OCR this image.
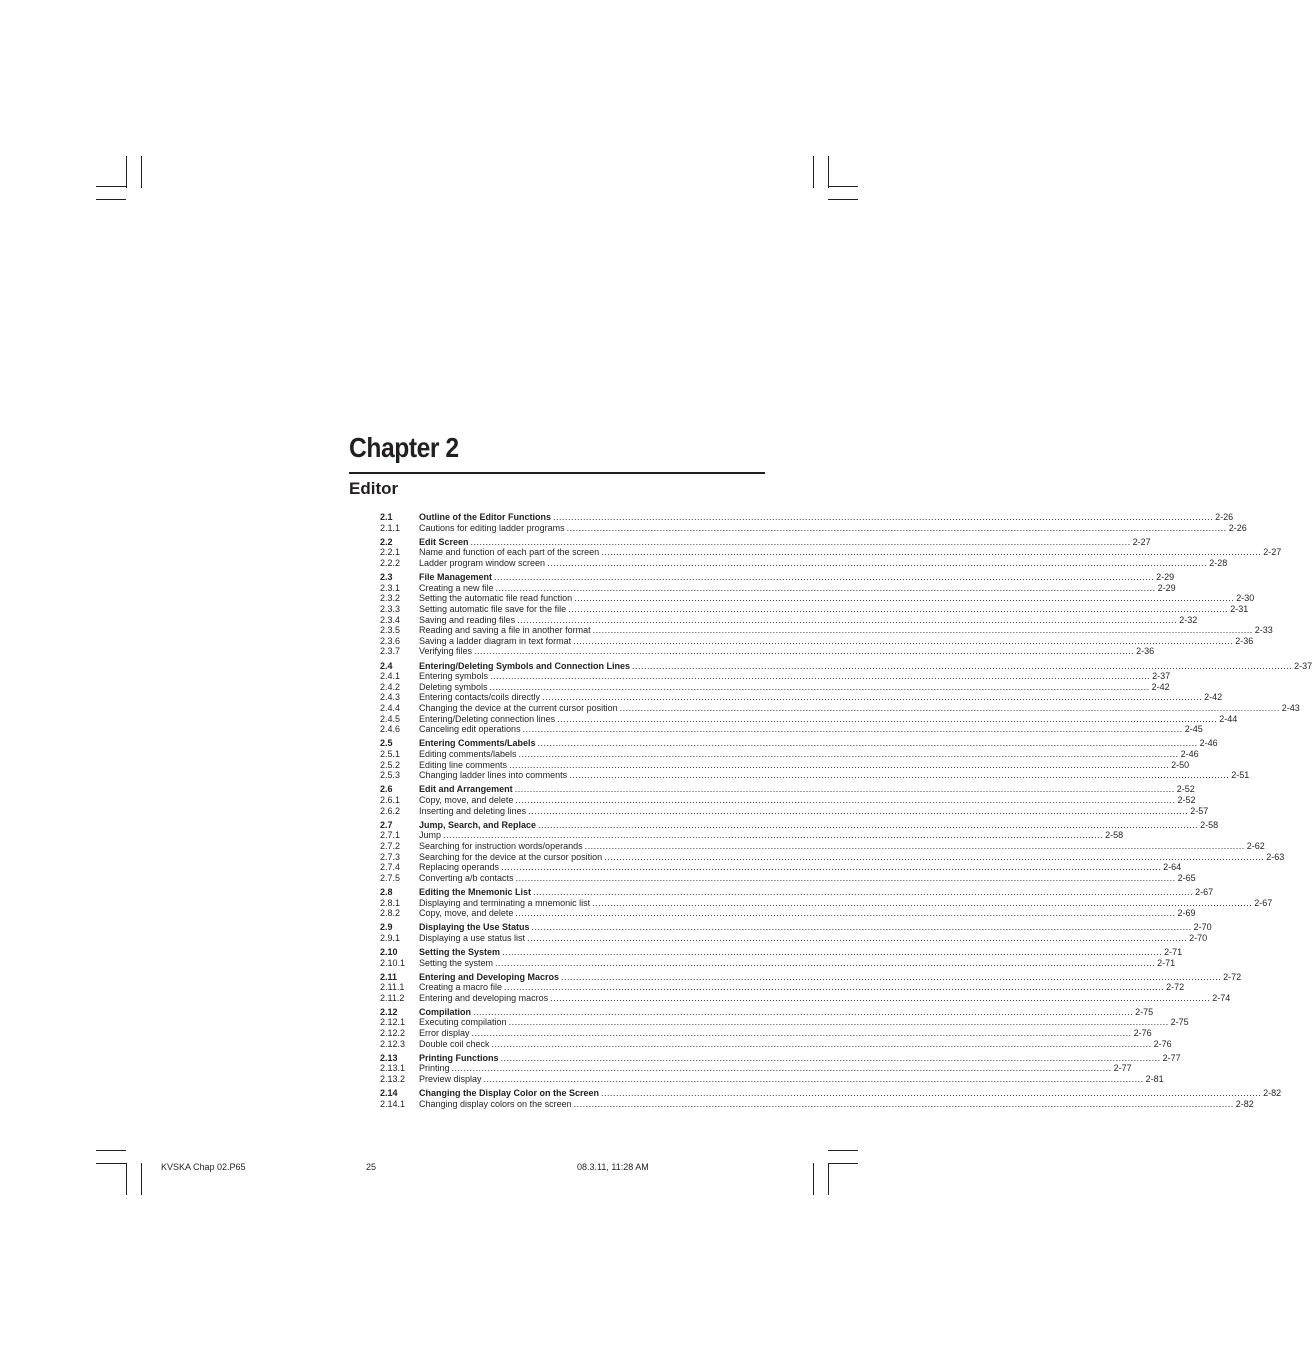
Chapter 2
Editor
2.1	Outline of the Editor Functions ............................................................................................................................................................................................................................ 2-26
2.1.1	Cautions for editing ladder programs ............................................................................................................................................................................................................................ 2-26
2.2	Edit Screen ............................................................................................................................................................................................................................ 2-27
2.2.1	Name and function of each part of the screen ............................................................................................................................................................................................................................ 2-27
2.2.2	Ladder program window screen ............................................................................................................................................................................................................................ 2-28
2.3	File Management ............................................................................................................................................................................................................................ 2-29
2.3.1	Creating a new file ............................................................................................................................................................................................................................ 2-29
2.3.2	Setting the automatic file read function ............................................................................................................................................................................................................................ 2-30
2.3.3	Setting automatic file save for the file ............................................................................................................................................................................................................................ 2-31
2.3.4	Saving and reading files ............................................................................................................................................................................................................................ 2-32
2.3.5	Reading and saving a file in another format ............................................................................................................................................................................................................................ 2-33
2.3.6	Saving a ladder diagram in text format ............................................................................................................................................................................................................................ 2-36
2.3.7	Verifying files ............................................................................................................................................................................................................................ 2-36
2.4	Entering/Deleting Symbols and Connection Lines ............................................................................................................................................................................................................................ 2-37
2.4.1	Entering symbols ............................................................................................................................................................................................................................ 2-37
2.4.2	Deleting symbols ............................................................................................................................................................................................................................ 2-42
2.4.3	Entering contacts/coils directly ............................................................................................................................................................................................................................ 2-42
2.4.4	Changing the device at the current cursor position ............................................................................................................................................................................................................................ 2-43
2.4.5	Entering/Deleting connection lines ............................................................................................................................................................................................................................ 2-44
2.4.6	Canceling edit operations ............................................................................................................................................................................................................................ 2-45
2.5	Entering Comments/Labels ............................................................................................................................................................................................................................ 2-46
2.5.1	Editing comments/labels ............................................................................................................................................................................................................................ 2-46
2.5.2	Editing line comments ............................................................................................................................................................................................................................ 2-50
2.5.3	Changing ladder lines into comments ............................................................................................................................................................................................................................ 2-51
2.6	Edit and Arrangement ............................................................................................................................................................................................................................ 2-52
2.6.1	Copy, move, and delete ............................................................................................................................................................................................................................ 2-52
2.6.2	Inserting and deleting lines ............................................................................................................................................................................................................................ 2-57
2.7	Jump, Search, and Replace ............................................................................................................................................................................................................................ 2-58
2.7.1	Jump ............................................................................................................................................................................................................................ 2-58
2.7.2	Searching for instruction words/operands ............................................................................................................................................................................................................................ 2-62
2.7.3	Searching for the device at the cursor position ............................................................................................................................................................................................................................ 2-63
2.7.4	Replacing operands ............................................................................................................................................................................................................................ 2-64
2.7.5	Converting a/b contacts ............................................................................................................................................................................................................................ 2-65
2.8	Editing the Mnemonic List ............................................................................................................................................................................................................................ 2-67
2.8.1	Displaying and terminating a mnemonic list ............................................................................................................................................................................................................................ 2-67
2.8.2	Copy, move, and delete ............................................................................................................................................................................................................................ 2-69
2.9	Displaying the Use Status ............................................................................................................................................................................................................................ 2-70
2.9.1	Displaying a use status list ............................................................................................................................................................................................................................ 2-70
2.10	Setting the System ............................................................................................................................................................................................................................ 2-71
2.10.1	Setting the system ............................................................................................................................................................................................................................ 2-71
2.11	Entering and Developing Macros ............................................................................................................................................................................................................................ 2-72
2.11.1	Creating a macro file ............................................................................................................................................................................................................................ 2-72
2.11.2	Entering and developing macros ............................................................................................................................................................................................................................ 2-74
2.12	Compilation ............................................................................................................................................................................................................................ 2-75
2.12.1	Executing compilation ............................................................................................................................................................................................................................ 2-75
2.12.2	Error display ............................................................................................................................................................................................................................ 2-76
2.12.3	Double coil check ............................................................................................................................................................................................................................ 2-76
2.13	Printing Functions ............................................................................................................................................................................................................................ 2-77
2.13.1	Printing ............................................................................................................................................................................................................................ 2-77
2.13.2	Preview display ............................................................................................................................................................................................................................ 2-81
2.14	Changing the Display Color on the Screen ............................................................................................................................................................................................................................ 2-82
2.14.1	Changing display colors on the screen ............................................................................................................................................................................................................................ 2-82
KVSKA Chap 02.P65	25	08.3.11, 11:28 AM
